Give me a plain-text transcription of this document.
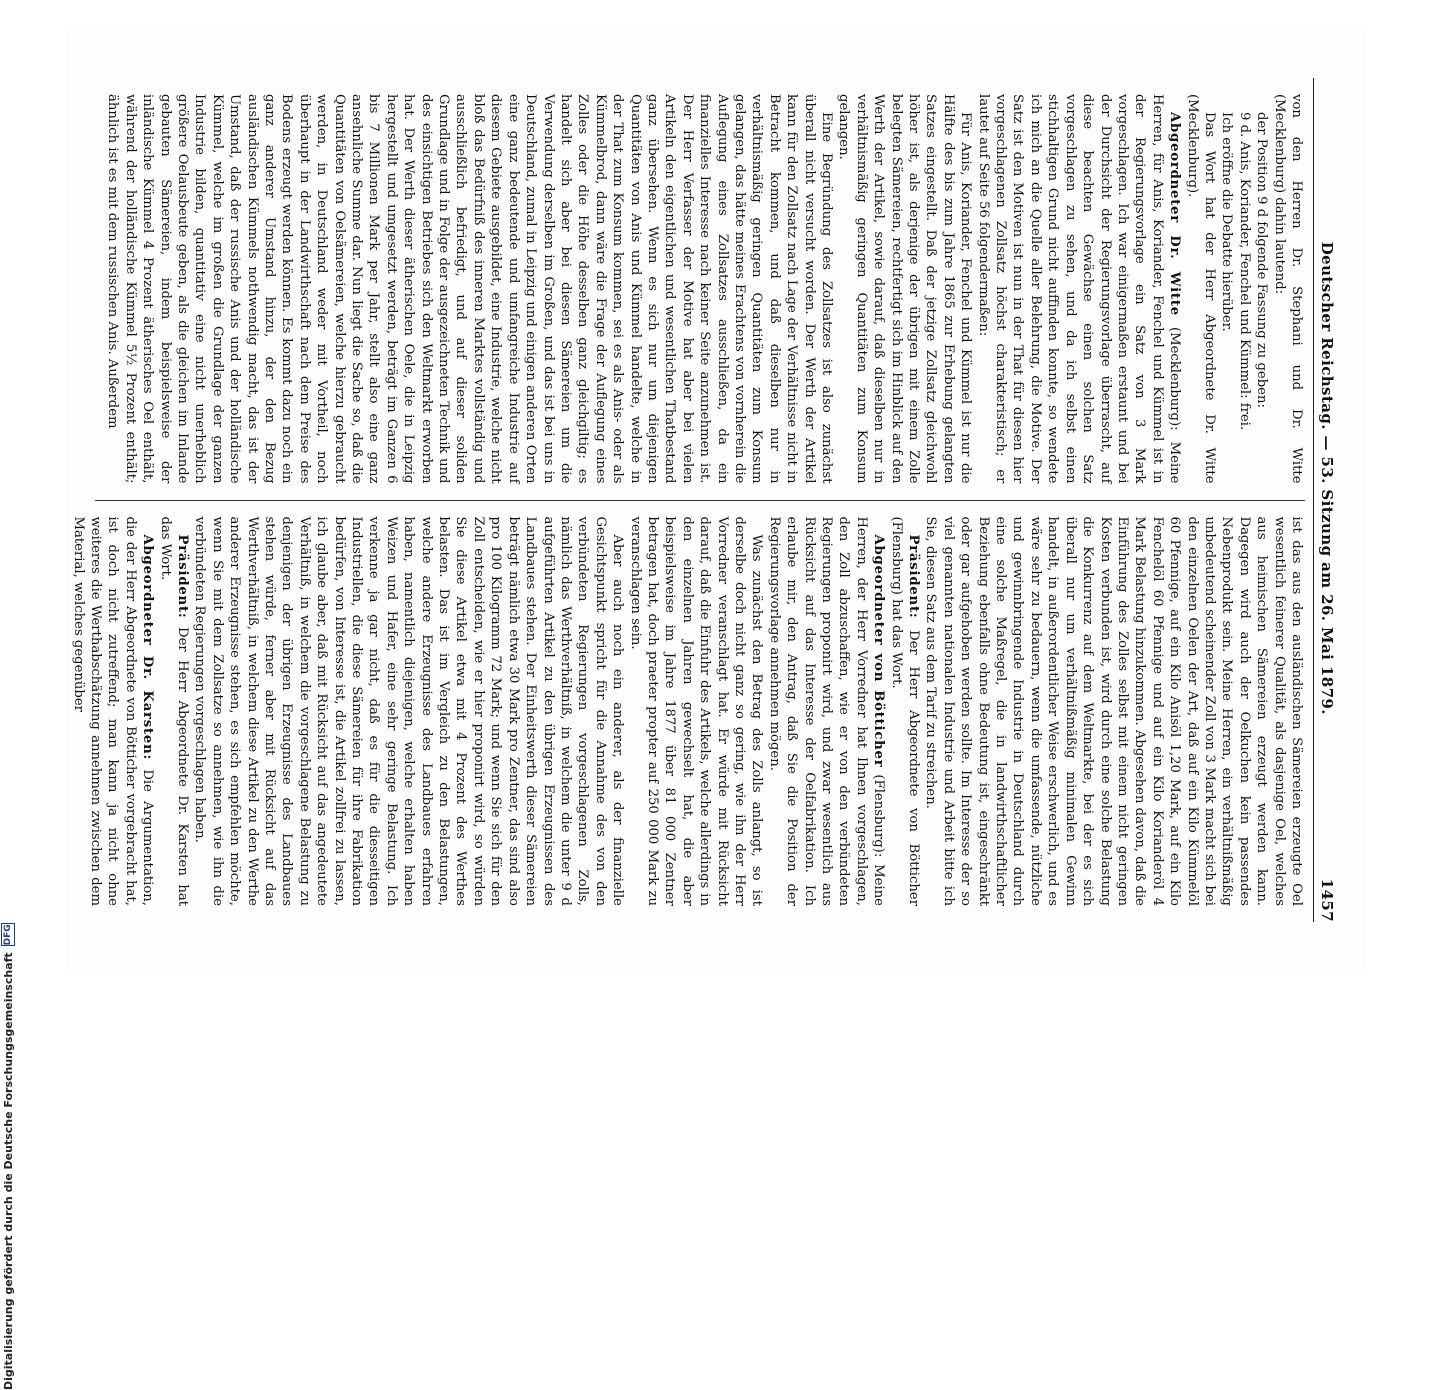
Deutscher Reichstag. — 53. Sitzung am 26. Mai 1879.
1457

von den Herren Dr. Stephani und Dr. Witte (Mecklenburg) dahin lautend:

der Position 9 d folgende Fassung zu geben:

9 d. Anis, Koriander, Fenchel und Kümmel: frei.

Ich eröffne die Debatte hierüber.

Das Wort hat der Herr Abgeordnete Dr. Witte (Mecklenburg).

Abgeordneter Dr. Witte (Mecklenburg): Meine Herren, für Anis, Koriander, Fenchel und Kümmel ist in der Regierungsvorlage ein Satz von 3 Mark vorgeschlagen. Ich war einigermaßen erstaunt und bei der Durchsicht der Regierungsvorlage überrascht, auf diese beachten Gewächse einen solchen Satz vorgeschlagen zu sehen, und da ich selbst einen stichhaltigen Grund nicht auffinden konnte, so wendete ich mich an die Quelle aller Belehrung, die Motive. Der Satz ist den Motiven ist nun in der That für diesen hier vorgeschlagenen Zollsatz höchst charakteristisch; er lautet auf Seite 56 folgendermaßen:

Für Anis, Koriander, Fenchel und Kümmel ist nur die Hälfte des bis zum Jahre 1865 zur Erhebung gelangten Satzes eingestellt. Daß der jetzige Zollsatz gleichwohl höher ist, als derjenige der übrigen mit einem Zolle belegten Sämereien, rechtfertigt sich im Hinblick auf den Werth der Artikel, sowie darauf, daß dieselben nur in verhältnismäßig geringen Quantitäten zum Konsum gelangen.

Eine Begründung des Zollsatzes ist also zunächst überall nicht versucht worden. Der Werth der Artikel kann für den Zollsatz nach Lage der Verhältnisse nicht in Betracht kommen, und daß dieselben nur in verhältnismäßig geringen Quantitäten zum Konsum gelangen, das hätte meines Erachtens von vornherein die Auflegung eines Zollsatzes ausschließen, da ein finanzielles Interesse nach keiner Seite anzunehmen ist. Der Herr Verfasser der Motive hat aber bei vielen Artikeln den eigentlichen und wesentlichen Thatbestand ganz übersehen. Wenn es sich nur um diejenigen Quantitäten von Anis und Kümmel handelte, welche in der That zum Konsum kommen, sei es als Anis- oder als Kümmelbrod, dann wäre die Frage der Auflegung eines Zolles oder die Höhe desselben ganz gleichgiltig; es handelt sich aber bei diesen Sämereien um die Verwendung derselben im Großen, und das ist bei uns in Deutschland, zumal in Leipzig und einigen anderen Orten eine ganz bedeutende und umfangreiche Industrie auf diesem Gebiete ausgebildet, eine Industrie, welche nicht bloß das Bedürfniß des inneren Marktes vollständig und ausschließlich befriedigt, und auf dieser soliden Grundlage und in Folge der ausgezeichneten Technik und des einsichtigen Betriebes sich den Weltmarkt erworben hat. Der Werth dieser ätherischen Oele, die in Leipzig hergestellt und umgesetzt werden, beträgt im Ganzen 6 bis 7 Millionen Mark per Jahr, stellt also eine ganz ansehnliche Summe dar. Nun liegt die Sache so, daß die Quantitäten von Oelsämereien, welche hierzu gebraucht werden, in Deutschland weder mit Vortheil, noch überhaupt in der Landwirthschaft nach dem Preise des Bodens erzeugt werden können. Es kommt dazu noch ein ganz anderer Umstand hinzu, der den Bezug ausländischen Kümmels nothwendig macht, das ist der Umstand, daß der russische Anis und der holländische Kümmel, welche im großen die Grundlage der ganzen Industrie bilden, quantitativ eine nicht unerheblich größere Oelausbeute geben, als die gleichen im Inlande gebauten Sämereien, indem beispielsweise der inländische Kümmel 4 Prozent ätherisches Oel enthält, während der holländische Kümmel 5½ Prozent enthält; ähnlich ist es mit dem russischen Anis. Außerdem

ist das aus den ausländischen Sämereien erzeugte Oel wesentlich feinerer Qualität, als dasjenige Oel, welches aus heimischen Sämereien erzeugt werden kann. Dagegen wird auch der Oelkuchen kein passendes Nebenprodukt sein. Meine Herren, ein verhältnißmäßig unbedeutend scheinender Zoll von 3 Mark macht sich bei den einzelnen Oelen der Art, daß auf ein Kilo Kümmelöl 60 Pfennige, auf ein Kilo Anisöl 1,20 Mark, auf ein Kilo Fenchelöl 60 Pfennige und auf ein Kilo Korianderöl 4 Mark Belastung hinzukommen. Abgesehen davon, daß die Einführung des Zolles selbst mit einem nicht geringen Kosten verbunden ist, wird durch eine solche Belastung die Konkurrenz auf dem Weltmarkte, bei der es sich überall nur um verhältnißmäßig minimalen Gewinn handelt, in außerordentlicher Weise erschwerlich, und es wäre sehr zu bedauern, wenn die umfassende, nützliche und gewinnbringende Industrie in Deutschland durch eine solche Maßregel, die in landwirthschaftlicher Beziehung ebenfalls ohne Bedeutung ist, eingeschränkt oder gar aufgehoben werden sollte. Im Interesse der so viel genannten nationalen Industrie und Arbeit bitte ich Sie, diesen Satz aus dem Tarif zu streichen.

Präsident: Der Herr Abgeordnete von Bötticher (Flensburg) hat das Wort.

Abgeordneter von Bötticher (Flensburg): Meine Herren, der Herr Vorredner hat Ihnen vorgeschlagen, den Zoll abzuschaffen, wie er von den verbündeten Regierungen proponirt wird, und zwar wesentlich aus Rücksicht auf das Interesse der Oelfabrikation. Ich erlaube mir, den Antrag, daß Sie die Position der Regierungsvorlage annehmen mögen.

Was zunächst den Betrag des Zolls anlangt, so ist derselbe doch nicht ganz so gering, wie ihn der Herr Vorredner veranschlagt hat. Er würde mit Rücksicht darauf, daß die Einfuhr des Artikels, welche allerdings in den einzelnen Jahren gewechselt hat, die aber beispielsweise im Jahre 1877 über 81 000 Zentner betragen hat, doch praeter propter auf 250 000 Mark zu veranschlagen sein.

Aber auch noch ein anderer, als der finanzielle Gesichtspunkt spricht für die Annahme des von den verbündeten Regierungen vorgeschlagenen Zolls, nämlich das Werthverhältniß, in welchem die unter 9 d aufgeführten Artikel zu den übrigen Erzeugnissen des Landbaues stehen. Der Einheitswerth dieser Sämereien beträgt nämlich etwa 30 Mark pro Zentner, das sind also pro 100 Kilogramm 72 Mark; und wenn Sie sich für den Zoll entscheiden, wie er hier proponirt wird, so würden Sie diese Artikel etwa mit 4 Prozent des Werthes belasten. Das ist im Vergleich zu den Belastungen, welche andere Erzeugnisse des Landbaues erfahren haben, namentlich diejenigen, welche erhalten haben Weizen und Hafer, eine sehr geringe Belastung. Ich verkenne ja gar nicht, daß es für die diesseitigen Industriellen, die diese Sämereien für ihre Fabrikation bedürfen, von Interesse ist, die Artikel zollfrei zu lassen, ich glaube aber, daß mit Rücksicht auf das angedeutete Verhältniß, in welchem die vorgeschlagene Belastung zu denjenigen der übrigen Erzeugnisse des Landbaues stehen würde, ferner aber mit Rücksicht auf das Werthverhältniß, in welchem diese Artikel zu den Werthe anderer Erzeugnisse stehen, es sich empfehlen möchte, wenn Sie mit dem Zollsatze so annehmen, wie ihn die verbündeten Regierungen vorgeschlagen haben.

Präsident: Der Herr Abgeordnete Dr. Karsten hat das Wort.

Abgeordneter Dr. Karsten: Die Argumentation, die der Herr Abgeordnete von Bötticher vorgebracht hat, ist doch nicht zutreffend; man kann ja nicht ohne weiteres die Werthabschätzung annehmen zwischen dem Material, welches gegenüber

Digitalisierung gefördert durch die Deutsche Forschungsgemeinschaft
DFG
